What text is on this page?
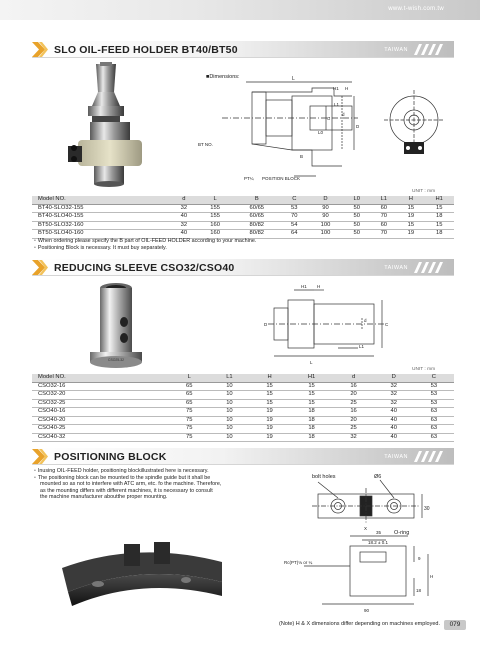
www.t-wish.com.tw
SLO OIL-FEED HOLDER BT40/BT50	TAIWAN
■Dimensions:	L
H1 H
L1
L0
C
D
d
B
BT NO.
PT¼ POSITION BLOCK
UNIT : mm
Model NO.	d	L	B	C	D	L0	L1	H	H1
BT40-SLO32-155	32	155	60/65	53	90	50	60	15	15
BT40-SLO40-155	40	155	60/65	70	90	50	70	19	18
BT50-SLO32-160	32	160	80/82	54	100	50	60	15	15
BT50-SLO40-160	40	160	80/82	64	100	50	70	19	18
• When ordering please specify the B part of OIL-FEED HOLDER according to your machine.
• Positioning Block is necessary. It must buy separately.
REDUCING SLEEVE CSO32/CSO40	TAIWAN
CSO25-32
H1 H
D
d
C
L1
L
UNIT : mm
Model NO.	L	L1	H	H1	d	D	C
CSO32-16	65	10	15	15	16	32	53
CSO32-20	65	10	15	15	20	32	53
CSO32-25	65	10	15	15	25	32	53
CSO40-16	75	10	19	18	16	40	63
CSO40-20	75	10	19	18	20	40	63
CSO40-25	75	10	19	18	25	40	63
CSO40-32	75	10	19	18	32	40	63
POSITIONING BLOCK	TAIWAN
• Inusing OIL-FEED holder, positioning blockillustrated here is necessary.
• The positioning block can be mounted to the spindle guide but it shall be
mounted so as not to interfere with ATC arm, etc. fo the machine. Therefore,
as the mounting differs with different machines, it is necessary to consult
the machine manufacturer aboutthe proper mounting.
bolt holes	Ø6
30
X
35 O-ring
18.2 ± 0.1
9
Rc(PT)⅛ or ¼
H
18
90
(Note) H & X dimensions differ depending on machines employed.	079
